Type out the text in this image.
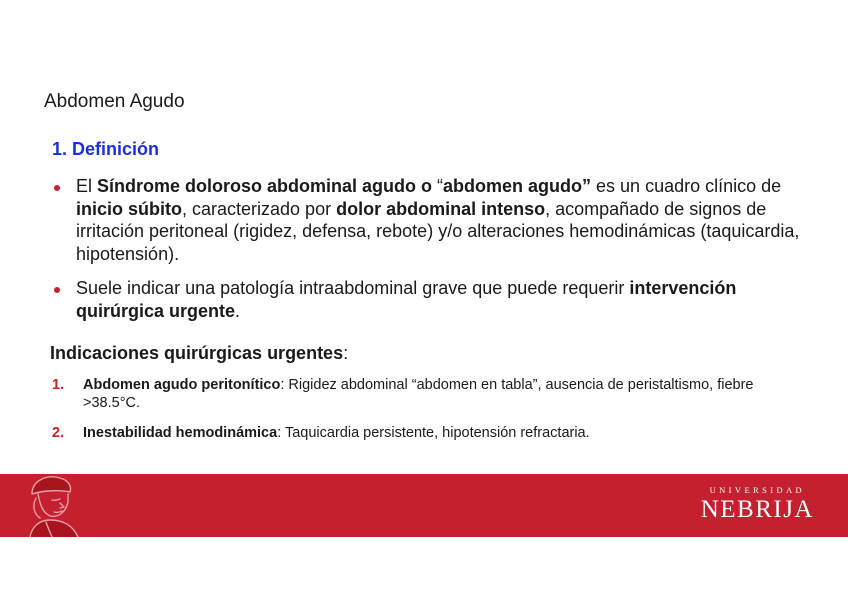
Abdomen Agudo
1. Definición
El Síndrome doloroso abdominal agudo o “abdomen agudo” es un cuadro clínico de inicio súbito, caracterizado por dolor abdominal intenso, acompañado de signos de irritación peritoneal (rigidez, defensa, rebote) y/o alteraciones hemodinámicas (taquicardia, hipotensión).
Suele indicar una patología intraabdominal grave que puede requerir intervención quirúrgica urgente.
Indicaciones quirúrgicas urgentes:
1. Abdomen agudo peritonítico: Rigidez abdominal “abdomen en tabla”, ausencia de peristaltismo, fiebre >38.5°C.
2. Inestabilidad hemodinámica: Taquicardia persistente, hipotensión refractaria.
UNIVERSIDAD
NEBRIJA
